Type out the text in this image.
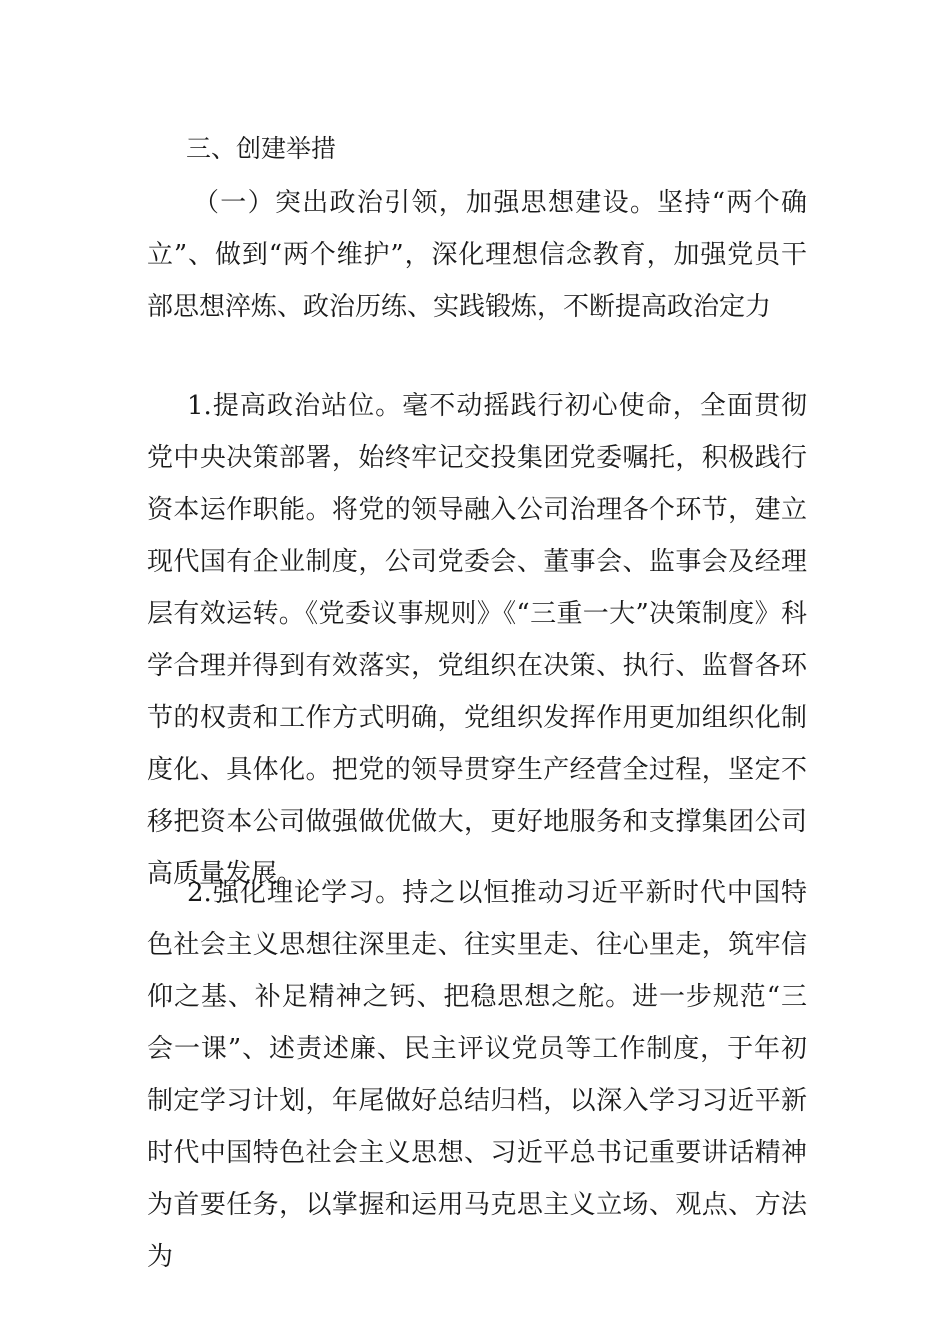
三、创建举措
（一）突出政治引领，加强思想建设。坚持“两个确立”、做到“两个维护”，深化理想信念教育，加强党员干部思想淬炼、政治历练、实践锻炼，不断提高政治定力
1.提高政治站位。毫不动摇践行初心使命，全面贯彻党中央决策部署，始终牢记交投集团党委嘱托，积极践行资本运作职能。将党的领导融入公司治理各个环节，建立现代国有企业制度，公司党委会、董事会、监事会及经理层有效运转。《党委议事规则》《“三重一大”决策制度》科学合理并得到有效落实，党组织在决策、执行、监督各环节的权责和工作方式明确，党组织发挥作用更加组织化制度化、具体化。把党的领导贯穿生产经营全过程，坚定不移把资本公司做强做优做大，更好地服务和支撑集团公司高质量发展。
2.强化理论学习。持之以恒推动习近平新时代中国特色社会主义思想往深里走、往实里走、往心里走，筑牢信仰之基、补足精神之钙、把稳思想之舵。进一步规范“三会一课”、述责述廉、民主评议党员等工作制度，于年初制定学习计划，年尾做好总结归档，以深入学习习近平新时代中国特色社会主义思想、习近平总书记重要讲话精神为首要任务，以掌握和运用马克思主义立场、观点、方法为
